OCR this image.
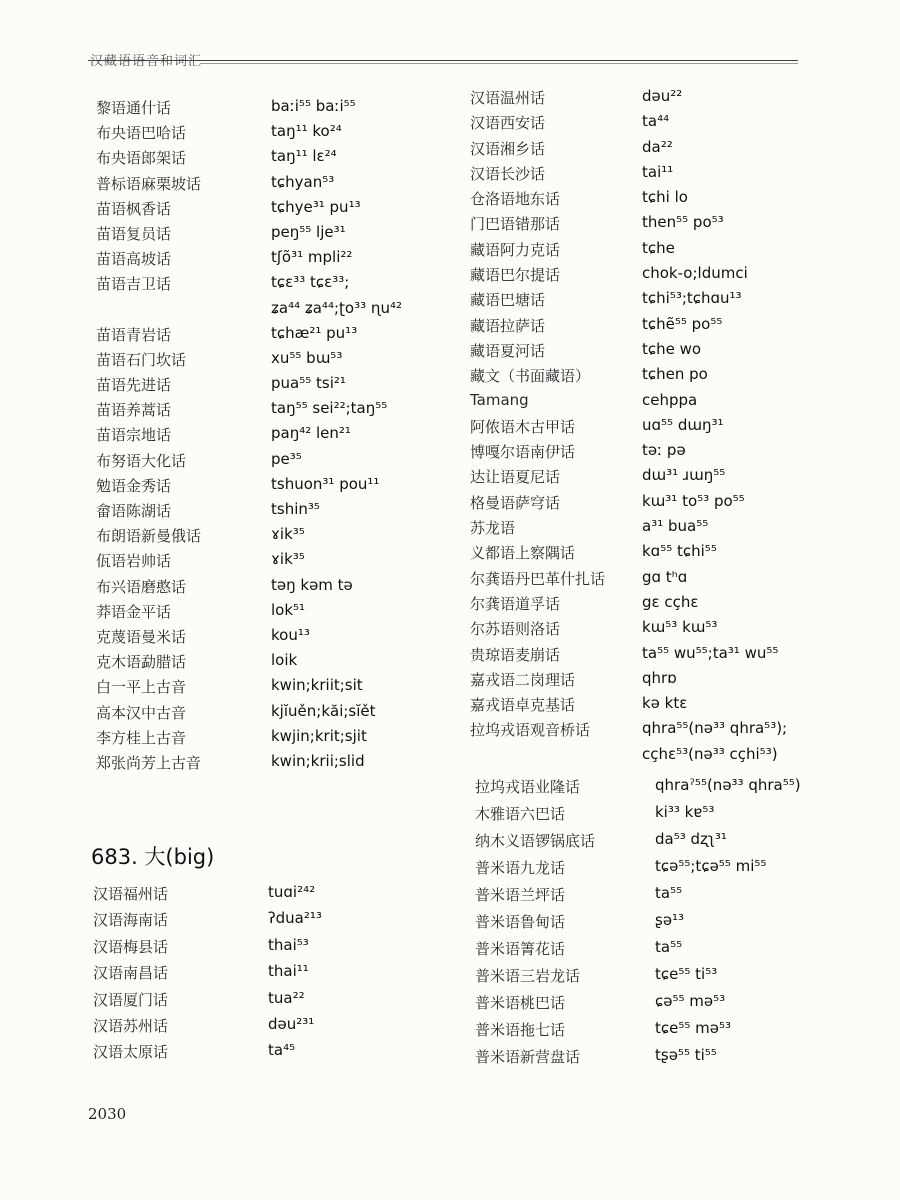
汉藏语语音和词汇
黎语通什话	baːi⁵⁵ baːi⁵⁵
布央语巴哈话	taŋ¹¹ ko²⁴
布央语郎架话	taŋ¹¹ lɛ²⁴
普标语麻栗坡话	tɕhyan⁵³
苗语枫香话	tɕhye³¹ pu¹³
苗语复员话	peŋ⁵⁵ lje³¹
苗语高坡话	tʃõ³¹ mpli²²
苗语吉卫话	tɕɛ³³ tɕɛ³³;
ʑa⁴⁴ ʑa⁴⁴;ʈo³³ ɳu⁴²
苗语青岩话	tɕhæ²¹ pu¹³
苗语石门坎话	xu⁵⁵ bɯ⁵³
苗语先进话	pua⁵⁵ tsi²¹
苗语养蒿话	taŋ⁵⁵ sei²²;taŋ⁵⁵
苗语宗地话	paŋ⁴² len²¹
布努语大化话	pe³⁵
勉语金秀话	tshuon³¹ pou¹¹
畲语陈湖话	tshin³⁵
布朗语新曼俄话	ɤik³⁵
佤语岩帅话	ɤik³⁵
布兴语磨憨话	təŋ kəm tə
莽语金平话	lok⁵¹
克蔑语曼米话	kou¹³
克木语勐腊话	loik
白一平上古音	kwin;kriit;sit
高本汉中古音	kjĭuěn;kăi;sĭět
李方桂上古音	kwjin;krit;sjit
郑张尚芳上古音	kwin;krii;slid
汉语温州话	dəu²²
汉语西安话	ta⁴⁴
汉语湘乡话	da²²
汉语长沙话	tai¹¹
仓洛语地东话	tɕhi lo
门巴语错那话	then⁵⁵ po⁵³
藏语阿力克话	tɕhe
藏语巴尔提话	chok-o;ldumci
藏语巴塘话	tɕhi⁵³;tɕhɑu¹³
藏语拉萨话	tɕhẽ⁵⁵ po⁵⁵
藏语夏河话	tɕhe wo
藏文（书面藏语）	tɕhen po
Tamang	cehppa
阿侬语木古甲话	uɑ⁵⁵ dɯŋ³¹
博嘎尔语南伊话	təː pə
达让语夏尼话	dɯ³¹ ɹɯŋ⁵⁵
格曼语萨穹话	kɯ³¹ to⁵³ po⁵⁵
苏龙语	a³¹ bua⁵⁵
义都语上察隅话	kɑ⁵⁵ tɕhi⁵⁵
尔龚语丹巴革什扎话	gɑ tʰɑ
尔龚语道孚话	gɛ cçhɛ
尔苏语则洛话	kɯ⁵³ kɯ⁵³
贵琼语麦崩话	ta⁵⁵ wu⁵⁵;ta³¹ wu⁵⁵
嘉戎语二岗理话	qhrɒ
嘉戎语卓克基话	kə ktɛ
拉坞戎语观音桥话	qhra⁵⁵(nə³³ qhra⁵³);
cçhɛ⁵³(nə³³ cçhi⁵³)
683. 大(big)
汉语福州话	tuɑi²⁴²
汉语海南话	ʔdua²¹³
汉语梅县话	thai⁵³
汉语南昌话	thai¹¹
汉语厦门话	tua²²
汉语苏州话	dəu²³¹
汉语太原话	ta⁴⁵
拉坞戎语业隆话	qhraˀ⁵⁵(nə³³ qhra⁵⁵)
木雅语六巴话	ki³³ kɐ⁵³
纳木义语锣锅底话	da⁵³ dʐʅ³¹
普米语九龙话	tɕə⁵⁵;tɕə⁵⁵ mi⁵⁵
普米语兰坪话	ta⁵⁵
普米语鲁甸话	ʂə¹³
普米语箐花话	ta⁵⁵
普米语三岩龙话	tɕe⁵⁵ ti⁵³
普米语桃巴话	ɕə⁵⁵ mə⁵³
普米语拖七话	tɕe⁵⁵ mə⁵³
普米语新营盘话	tʂə⁵⁵ ti⁵⁵
2030
